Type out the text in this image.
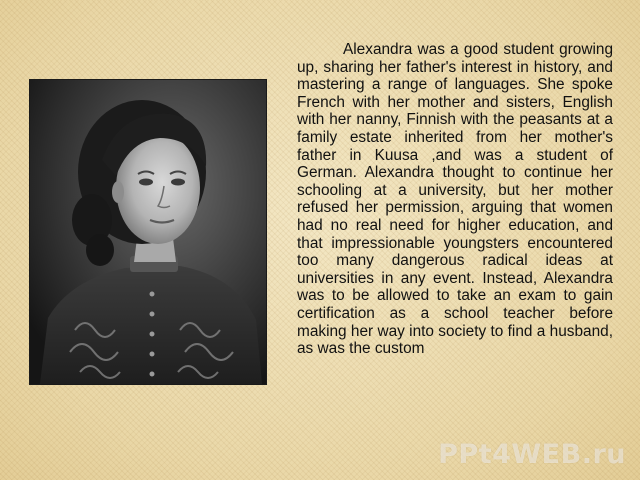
Alexandra was a good student growing up, sharing her father's interest in history, and mastering a range of languages. She spoke French with her mother and sisters, English with her nanny, Finnish with the peasants at a family estate inherited from her mother's father in Kuusa ,and was a student of German. Alexandra thought to continue her schooling at a university, but her mother refused her permission, arguing that women had no real need for higher education, and that impressionable youngsters encountered too many dangerous radical ideas at universities in any event. Instead, Alexandra was to be allowed to take an exam to gain certification as a school teacher before making her way into society to find a husband, as was the custom

PPt4WEB.ru
